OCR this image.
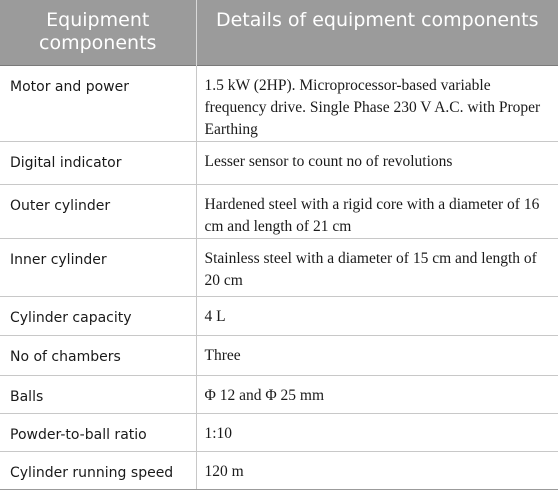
Equipment components	Details of equipment components
Motor and power	1.5 kW (2HP). Microprocessor-based variable frequency drive. Single Phase 230 V A.C. with Proper Earthing
Digital indicator	Lesser sensor to count no of revolutions
Outer cylinder	Hardened steel with a rigid core with a diameter of 16 cm and length of 21 cm
Inner cylinder	Stainless steel with a diameter of 15 cm and length of 20 cm
Cylinder capacity	4 L
No of chambers	Three
Balls	Φ 12 and Φ 25 mm
Powder-to-ball ratio	1:10
Cylinder running speed	120 m
